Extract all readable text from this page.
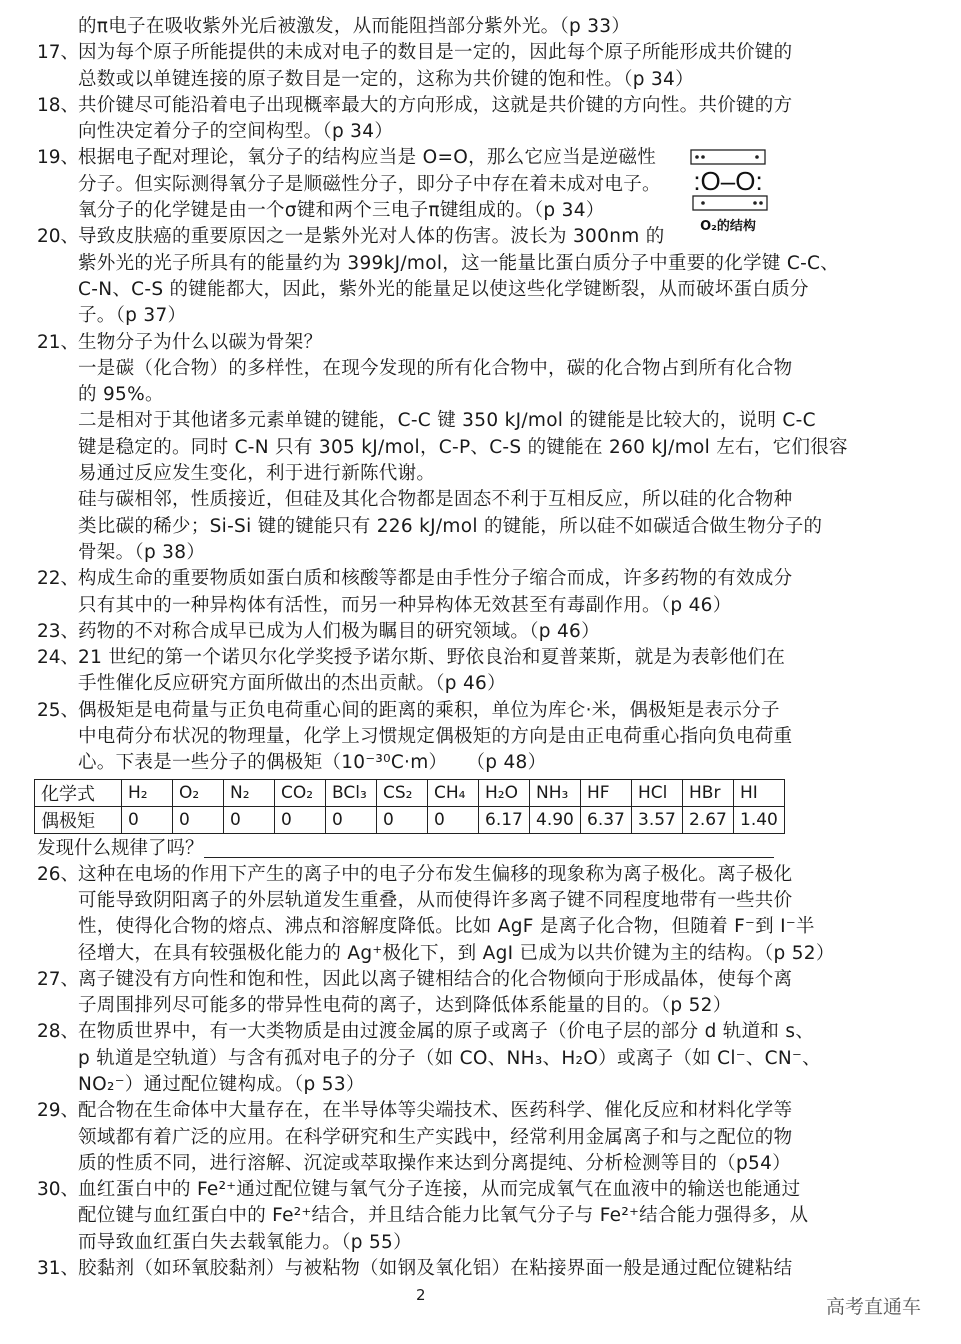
的π电子在吸收紫外光后被激发，从而能阻挡部分紫外光。（p 33）
17、
因为每个原子所能提供的未成对电子的数目是一定的，因此每个原子所能形成共价键的
总数或以单键连接的原子数目是一定的，这称为共价键的饱和性。（p 34）
18、
共价键尽可能沿着电子出现概率最大的方向形成，这就是共价键的方向性。共价键的方
向性决定着分子的空间构型。（p 34）
19、
根据电子配对理论，氧分子的结构应当是 O=O，那么它应当是逆磁性
分子。但实际测得氧分子是顺磁性分子，即分子中存在着未成对电子。
氧分子的化学键是由一个σ键和两个三电子π键组成的。（p 34）
20、
导致皮肤癌的重要原因之一是紫外光对人体的伤害。波长为 300nm 的
紫外光的光子所具有的能量约为 399kJ/mol，这一能量比蛋白质分子中重要的化学键 C-C、
C-N、C-S 的键能都大，因此，紫外光的能量足以使这些化学键断裂，从而破坏蛋白质分
子。（p 37）
21、
生物分子为什么以碳为骨架？
一是碳（化合物）的多样性，在现今发现的所有化合物中，碳的化合物占到所有化合物
的 95%。
二是相对于其他诸多元素单键的键能，C-C 键 350 kJ/mol 的键能是比较大的，说明 C-C
键是稳定的。同时 C-N 只有 305 kJ/mol，C-P、C-S 的键能在 260 kJ/mol 左右，它们很容
易通过反应发生变化，利于进行新陈代谢。
硅与碳相邻，性质接近，但硅及其化合物都是固态不利于互相反应，所以硅的化合物种
类比碳的稀少；Si-Si 键的键能只有 226 kJ/mol 的键能，所以硅不如碳适合做生物分子的
骨架。（p 38）
22、
构成生命的重要物质如蛋白质和核酸等都是由手性分子缩合而成，许多药物的有效成分
只有其中的一种异构体有活性，而另一种异构体无效甚至有毒副作用。（p 46）
23、
药物的不对称合成早已成为人们极为瞩目的研究领域。（p 46）
24、
21 世纪的第一个诺贝尔化学奖授予诺尔斯、野依良治和夏普莱斯，就是为表彰他们在
手性催化反应研究方面所做出的杰出贡献。（p 46）
25、
偶极矩是电荷量与正负电荷重心间的距离的乘积，单位为库仑·米，偶极矩是表示分子
中电荷分布状况的物理量，化学上习惯规定偶极矩的方向是由正电荷重心指向负电荷重
心。下表是一些分子的偶极矩（10⁻³⁰C·m）　　（p 48）
化学式	H₂	O₂	N₂	CO₂	BCl₃	CS₂	CH₄	H₂O	NH₃	HF	HCl	HBr	HI
偶极矩	0	0	0	0	0	0	0	6.17	4.90	6.37	3.57	2.67	1.40
发现什么规律了吗？
26、
这种在电场的作用下产生的离子中的电子分布发生偏移的现象称为离子极化。离子极化
可能导致阴阳离子的外层轨道发生重叠，从而使得许多离子键不同程度地带有一些共价
性，使得化合物的熔点、沸点和溶解度降低。比如 AgF 是离子化合物，但随着 F⁻到 I⁻半
径增大，在具有较强极化能力的 Ag⁺极化下，到 AgI 已成为以共价键为主的结构。（p 52）
27、
离子键没有方向性和饱和性，因此以离子键相结合的化合物倾向于形成晶体，使每个离
子周围排列尽可能多的带异性电荷的离子，达到降低体系能量的目的。（p 52）
28、
在物质世界中，有一大类物质是由过渡金属的原子或离子（价电子层的部分 d 轨道和 s、
p 轨道是空轨道）与含有孤对电子的分子（如 CO、NH₃、H₂O）或离子（如 Cl⁻、CN⁻、
NO₂⁻）通过配位键构成。（p 53）
29、
配合物在生命体中大量存在，在半导体等尖端技术、医药科学、催化反应和材料化学等
领域都有着广泛的应用。在科学研究和生产实践中，经常利用金属离子和与之配位的物
质的性质不同，进行溶解、沉淀或萃取操作来达到分离提纯、分析检测等目的（p54）
30、
血红蛋白中的 Fe²⁺通过配位键与氧气分子连接，从而完成氧气在血液中的输送也能通过
配位键与血红蛋白中的 Fe²⁺结合，并且结合能力比氧气分子与 Fe²⁺结合能力强得多，从
而导致血红蛋白失去载氧能力。（p 55）
31、
胶黏剂（如环氧胶黏剂）与被粘物（如钢及氧化铝）在粘接界面一般是通过配位键粘结
:O–O:
O₂的结构
2
高考直通车
